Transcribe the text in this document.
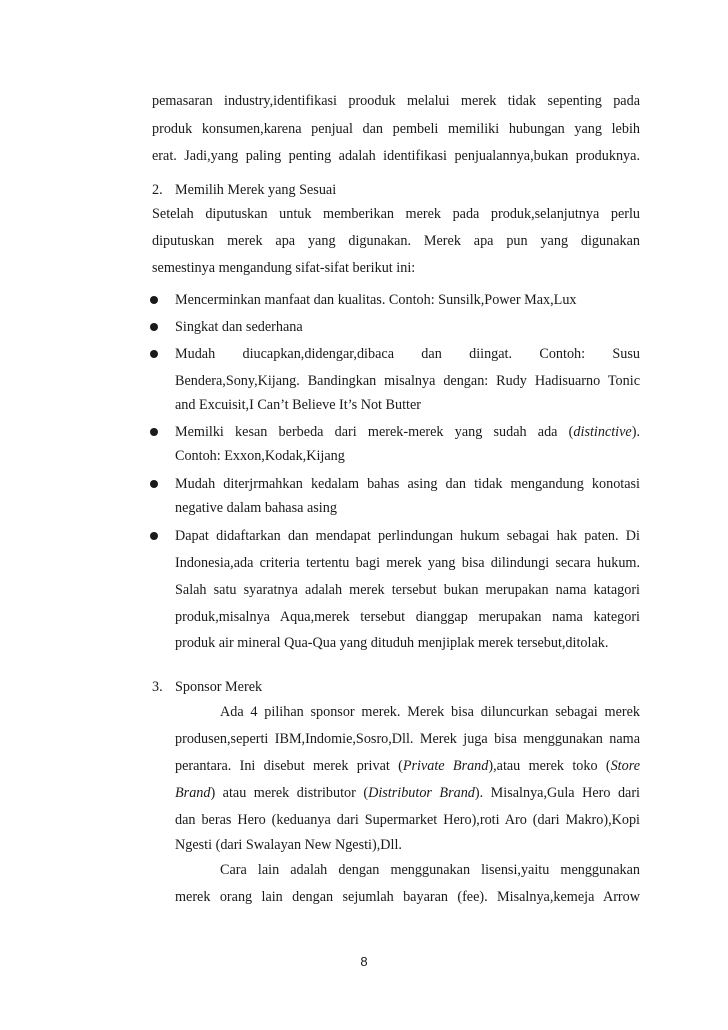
pemasaran industry,identifikasi prooduk melalui merek tidak sepenting pada
produk konsumen,karena penjual dan pembeli memiliki hubungan yang lebih
erat. Jadi,yang paling penting adalah identifikasi penjualannya,bukan produknya.
2. Memilih Merek yang Sesuai
Setelah diputuskan untuk memberikan merek pada produk,selanjutnya perlu
diputuskan merek apa yang digunakan. Merek apa pun yang digunakan
semestinya mengandung sifat-sifat berikut ini:
Mencerminkan manfaat dan kualitas. Contoh: Sunsilk,Power Max,Lux
Singkat dan sederhana
Mudah diucapkan,didengar,dibaca dan diingat. Contoh: Susu
Bendera,Sony,Kijang. Bandingkan misalnya dengan: Rudy Hadisuarno Tonic
and Excuisit,I Can’t Believe It’s Not Butter
Memilki kesan berbeda dari merek-merek yang sudah ada (distinctive).
Contoh: Exxon,Kodak,Kijang
Mudah diterjrmahkan kedalam bahas asing dan tidak mengandung konotasi
negative dalam bahasa asing
Dapat didaftarkan dan mendapat perlindungan hukum sebagai hak paten. Di
Indonesia,ada criteria tertentu bagi merek yang bisa dilindungi secara hukum.
Salah satu syaratnya adalah merek tersebut bukan merupakan nama katagori
produk,misalnya Aqua,merek tersebut dianggap merupakan nama kategori
produk air mineral Qua-Qua yang dituduh menjiplak merek tersebut,ditolak.
3. Sponsor Merek
Ada 4 pilihan sponsor merek. Merek bisa diluncurkan sebagai merek
produsen,seperti IBM,Indomie,Sosro,Dll. Merek juga bisa menggunakan nama
perantara. Ini disebut merek privat (Private Brand),atau merek toko (Store
Brand) atau merek distributor (Distributor Brand). Misalnya,Gula Hero dari
dan beras Hero (keduanya dari Supermarket Hero),roti Aro (dari Makro),Kopi
Ngesti (dari Swalayan New Ngesti),Dll.
Cara lain adalah dengan menggunakan lisensi,yaitu menggunakan
merek orang lain dengan sejumlah bayaran (fee). Misalnya,kemeja Arrow
8
